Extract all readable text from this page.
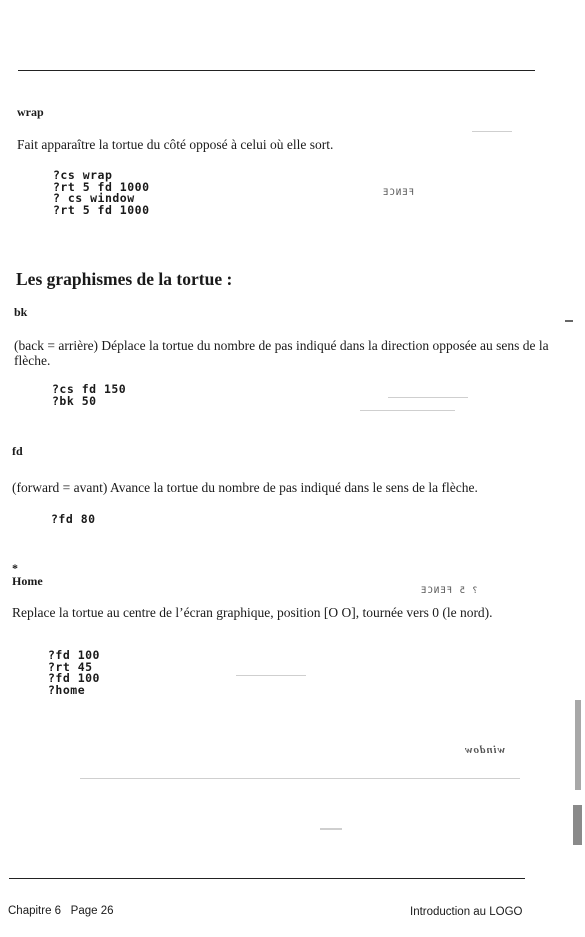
wrap
Fait apparaître la tortue du côté opposé à celui où elle sort.
?cs wrap
?rt 5 fd 1000
? cs window
?rt 5 fd 1000
Les graphismes de la tortue :
bk
(back = arrière) Déplace la tortue du nombre de pas indiqué dans la direction opposée au sens de la flèche.
?cs fd 150
?bk 50
fd
(forward = avant) Avance la tortue du nombre de pas indiqué dans le sens de la flèche.
?fd 80
*
Home
Replace la tortue au centre de l’écran graphique, position [O O], tournée vers 0 (le nord).
?fd 100
?rt 45
?fd 100
?home
FENCE
? 5 FENCE
window
Chapitre 6 Page 26	Introduction au LOGO
